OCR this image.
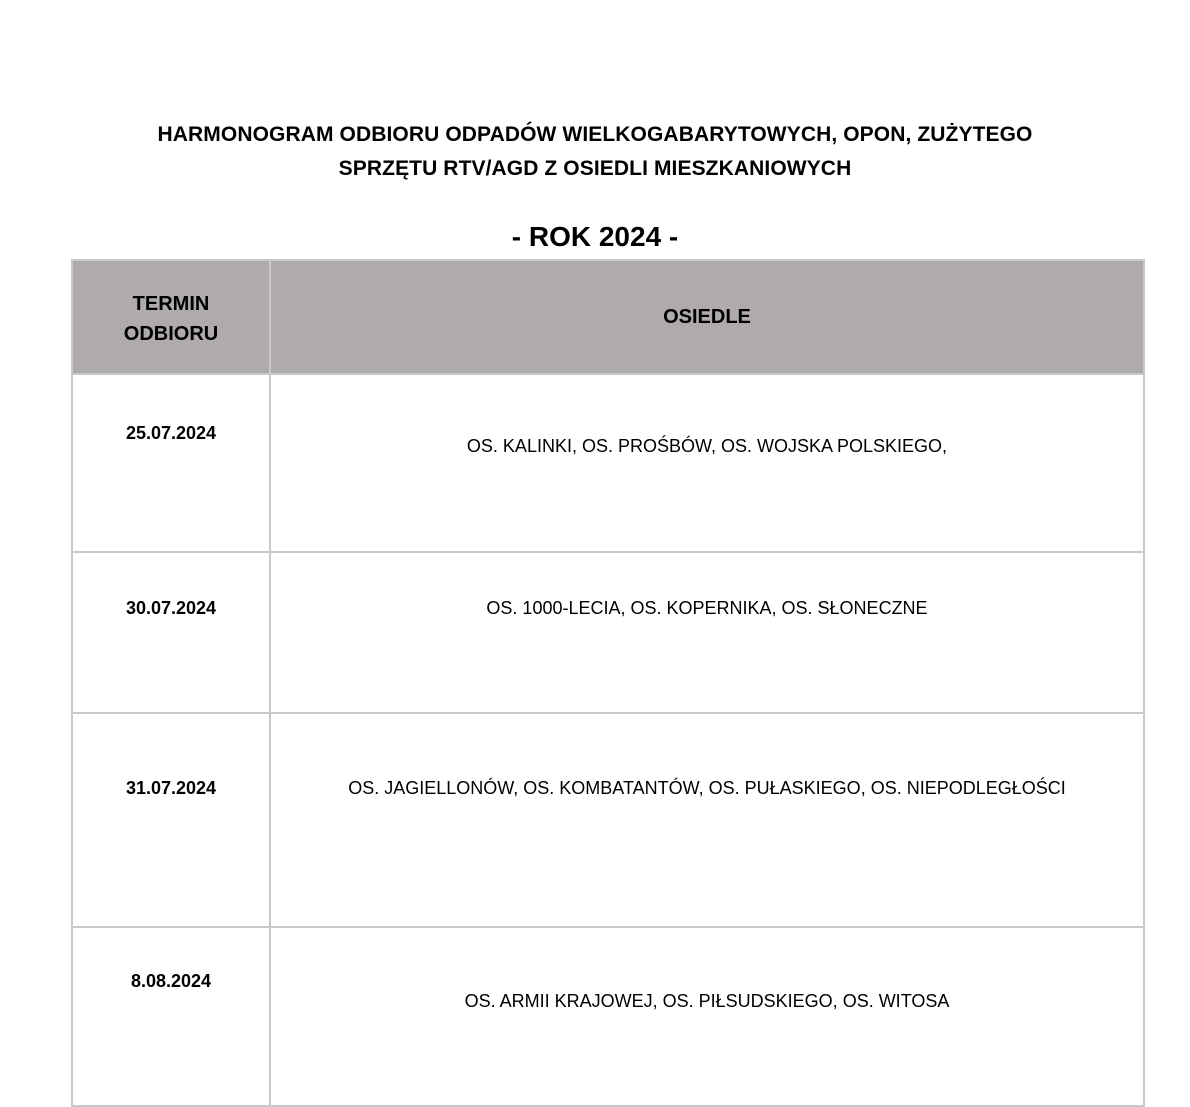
HARMONOGRAM ODBIORU ODPADÓW WIELKOGABARYTOWYCH, OPON, ZUŻYTEGO
SPRZĘTU RTV/AGD Z OSIEDLI MIESZKANIOWYCH
- ROK 2024 -
TERMIN
ODBIORU	OSIEDLE
25.07.2024	OS. KALINKI, OS. PROŚBÓW, OS. WOJSKA POLSKIEGO,
30.07.2024	OS. 1000-LECIA, OS. KOPERNIKA, OS. SŁONECZNE
31.07.2024	OS. JAGIELLONÓW, OS. KOMBATANTÓW, OS. PUŁASKIEGO, OS. NIEPODLEGŁOŚCI
8.08.2024	OS. ARMII KRAJOWEJ, OS. PIŁSUDSKIEGO, OS. WITOSA
